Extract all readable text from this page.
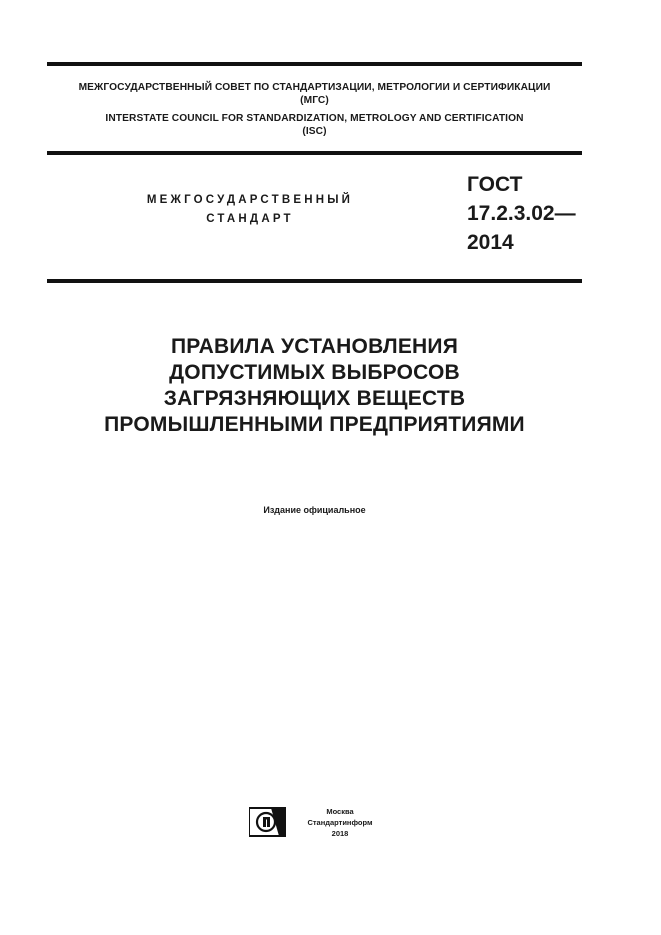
МЕЖГОСУДАРСТВЕННЫЙ СОВЕТ ПО СТАНДАРТИЗАЦИИ, МЕТРОЛОГИИ И СЕРТИФИКАЦИИ
(МГС)
INTERSTATE COUNCIL FOR STANDARDIZATION, METROLOGY AND CERTIFICATION
(ISC)
МЕЖГОСУДАРСТВЕННЫЙ
СТАНДАРТ
ГОСТ
17.2.3.02—
2014
ПРАВИЛА УСТАНОВЛЕНИЯ
ДОПУСТИМЫХ ВЫБРОСОВ
ЗАГРЯЗНЯЮЩИХ ВЕЩЕСТВ
ПРОМЫШЛЕННЫМИ ПРЕДПРИЯТИЯМИ
Издание официальное
Москва
Стандартинформ
2018
